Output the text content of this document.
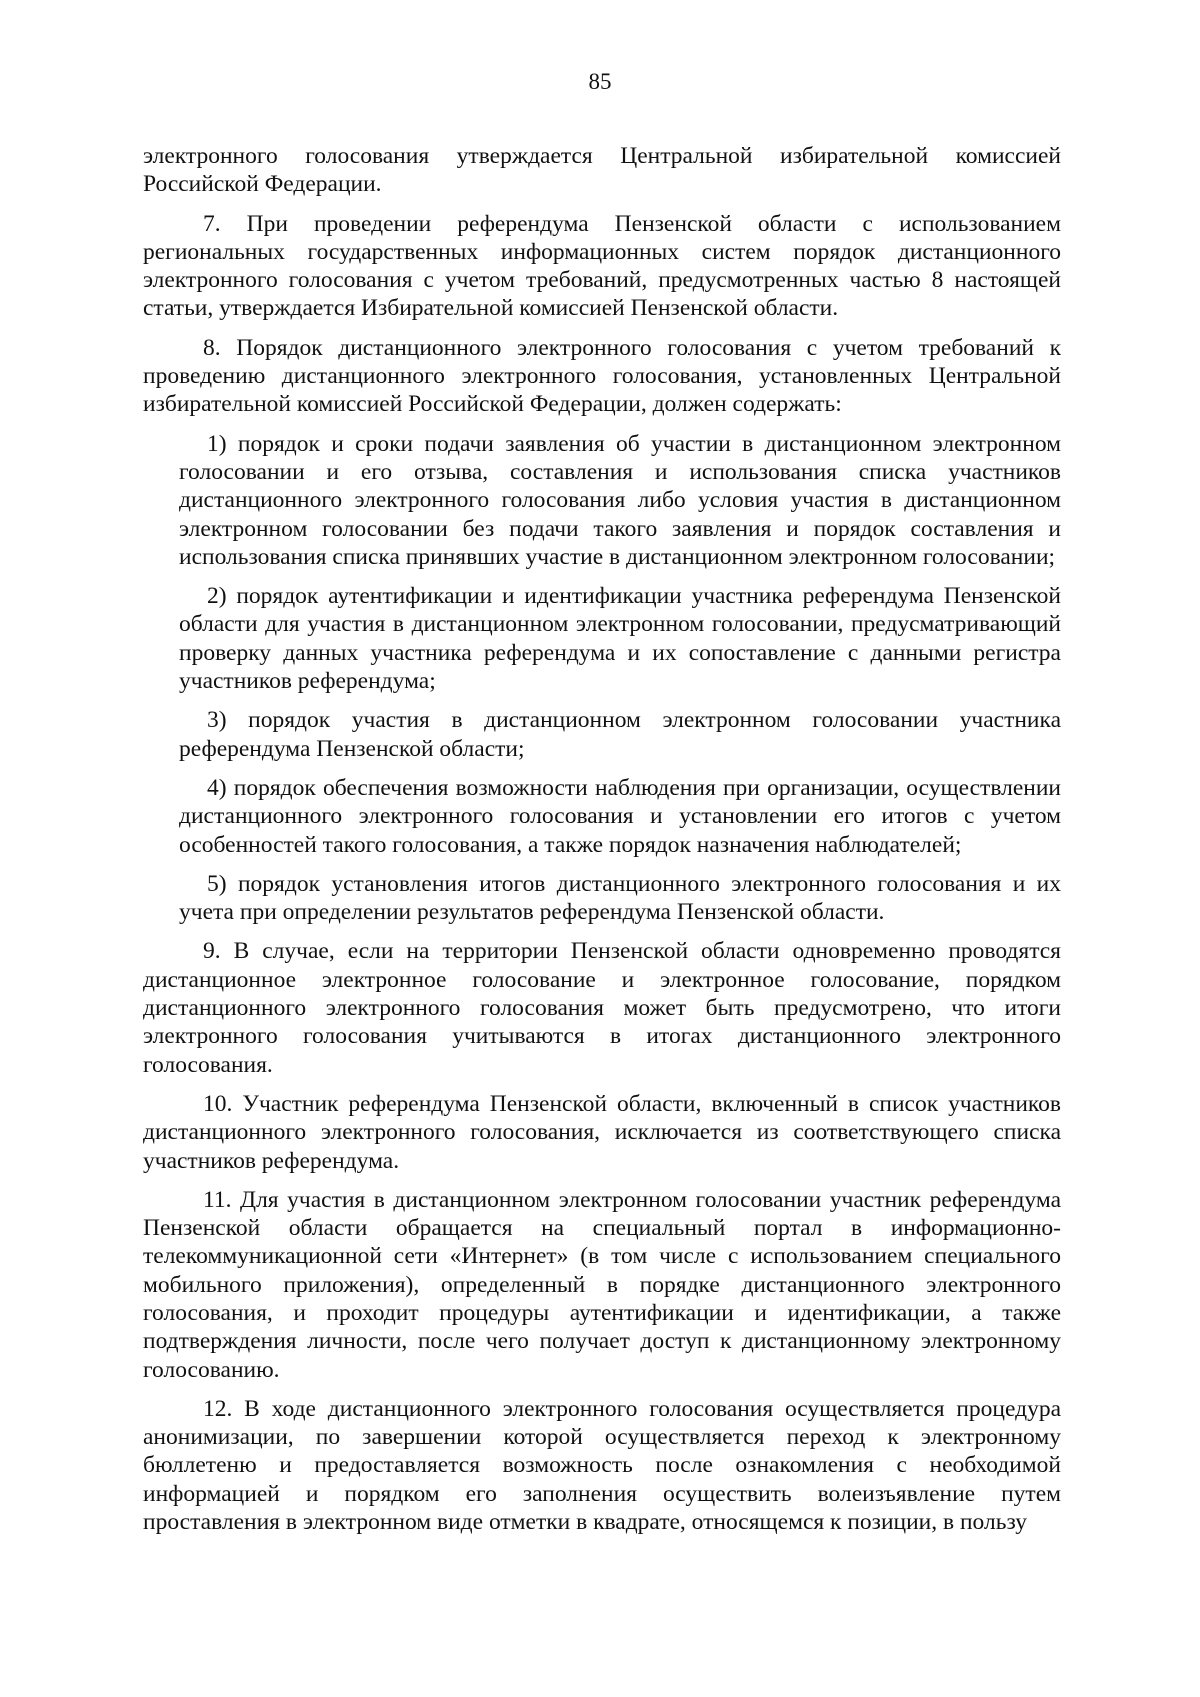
85

электронного голосования утверждается Центральной избирательной комиссией Российской Федерации.

7. При проведении референдума Пензенской области с использованием региональных государственных информационных систем порядок дистанционного электронного голосования с учетом требований, предусмотренных частью 8 настоящей статьи, утверждается Избирательной комиссией Пензенской области.

8. Порядок дистанционного электронного голосования с учетом требований к проведению дистанционного электронного голосования, установленных Центральной избирательной комиссией Российской Федерации, должен содержать:

1) порядок и сроки подачи заявления об участии в дистанционном электронном голосовании и его отзыва, составления и использования списка участников дистанционного электронного голосования либо условия участия в дистанционном электронном голосовании без подачи такого заявления и порядок составления и использования списка принявших участие в дистанционном электронном голосовании;

2) порядок аутентификации и идентификации участника референдума Пензенской области для участия в дистанционном электронном голосовании, предусматривающий проверку данных участника референдума и их сопоставление с данными регистра участников референдума;

3) порядок участия в дистанционном электронном голосовании участника референдума Пензенской области;

4) порядок обеспечения возможности наблюдения при организации, осуществлении дистанционного электронного голосования и установлении его итогов с учетом особенностей такого голосования, а также порядок назначения наблюдателей;

5) порядок установления итогов дистанционного электронного голосования и их учета при определении результатов референдума Пензенской области.

9. В случае, если на территории Пензенской области одновременно проводятся дистанционное электронное голосование и электронное голосование, порядком дистанционного электронного голосования может быть предусмотрено, что итоги электронного голосования учитываются в итогах дистанционного электронного голосования.

10. Участник референдума Пензенской области, включенный в список участников дистанционного электронного голосования, исключается из соответствующего списка участников референдума.

11. Для участия в дистанционном электронном голосовании участник референдума Пензенской области обращается на специальный портал в информационно-телекоммуникационной сети «Интернет» (в том числе с использованием специального мобильного приложения), определенный в порядке дистанционного электронного голосования, и проходит процедуры аутентификации и идентификации, а также подтверждения личности, после чего получает доступ к дистанционному электронному голосованию.

12. В ходе дистанционного электронного голосования осуществляется процедура анонимизации, по завершении которой осуществляется переход к электронному бюллетеню и предоставляется возможность после ознакомления с необходимой информацией и порядком его заполнения осуществить волеизъявление путем проставления в электронном виде отметки в квадрате, относящемся к позиции, в пользу
